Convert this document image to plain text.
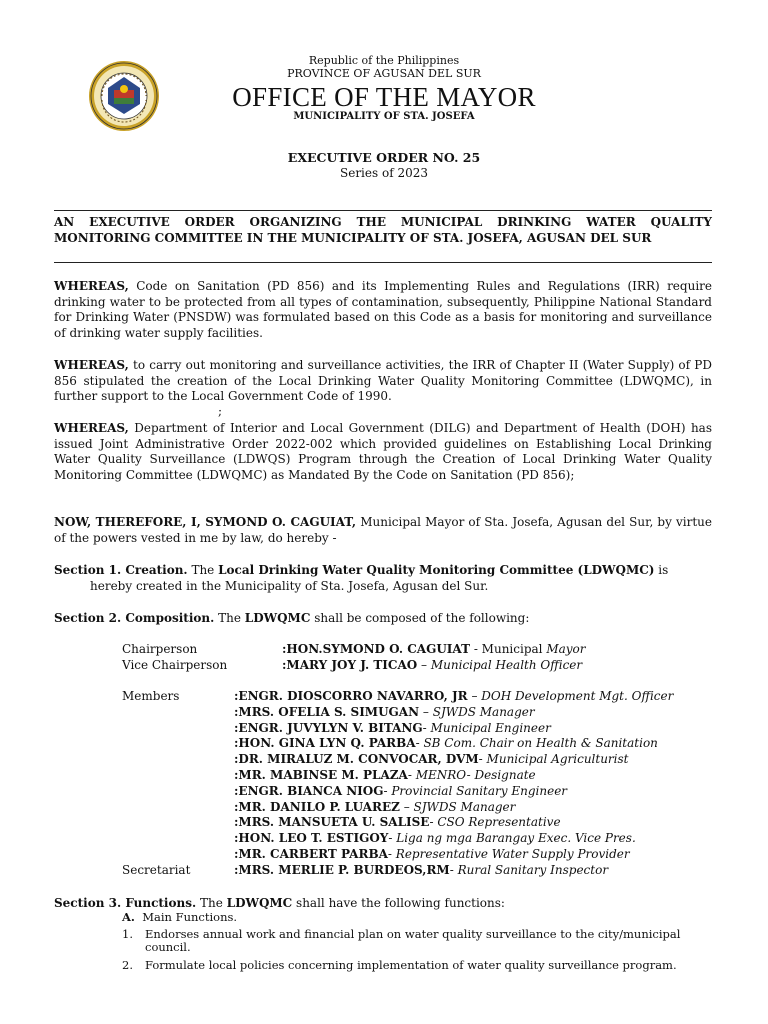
Republic of the Philippines
PROVINCE OF AGUSAN DEL SUR
OFFICE OF THE MAYOR
MUNICIPALITY OF STA. JOSEFA
EXECUTIVE ORDER NO. 25
Series of 2023
AN EXECUTIVE ORDER ORGANIZING THE MUNICIPAL DRINKING WATER QUALITY MONITORING COMMITTEE IN THE MUNICIPALITY OF STA. JOSEFA, AGUSAN DEL SUR
WHEREAS, Code on Sanitation (PD 856) and its Implementing Rules and Regulations (IRR) require drinking water to be protected from all types of contamination, subsequently, Philippine National Standard for Drinking Water (PNSDW) was formulated based on this Code as a basis for monitoring and surveillance of drinking water supply facilities.
WHEREAS, to carry out monitoring and surveillance activities, the IRR of Chapter II (Water Supply) of PD 856 stipulated the creation of the Local Drinking Water Quality Monitoring Committee (LDWQMC), in further support to the Local Government Code of 1990.
;
WHEREAS, Department of Interior and Local Government (DILG) and Department of Health (DOH) has issued Joint Administrative Order 2022-002 which provided guidelines on Establishing Local Drinking Water Quality Surveillance (LDWQS) Program through the Creation of Local Drinking Water Quality Monitoring Committee (LDWQMC) as Mandated By the Code on Sanitation (PD 856);
NOW, THEREFORE, I, SYMOND O. CAGUIAT, Municipal Mayor of Sta. Josefa, Agusan del Sur, by virtue of the powers vested in me by law, do hereby -
Section 1. Creation. The Local Drinking Water Quality Monitoring Committee (LDWQMC) is
hereby created in the Municipality of Sta. Josefa, Agusan del Sur.
Section 2. Composition. The LDWQMC shall be composed of the following:
Chairperson	:HON.SYMOND O. CAGUIAT - Municipal Mayor
Vice Chairperson	:MARY JOY J. TICAO – Municipal Health Officer
Members	:ENGR. DIOSCORRO NAVARRO, JR – DOH Development Mgt. Officer
:MRS. OFELIA S. SIMUGAN – SJWDS Manager
:ENGR. JUVYLYN V. BITANG- Municipal Engineer
:HON. GINA LYN Q. PARBA- SB Com. Chair on Health & Sanitation
:DR. MIRALUZ M. CONVOCAR, DVM- Municipal Agriculturist
:MR. MABINSE M. PLAZA- MENRO- Designate
:ENGR. BIANCA NIOG- Provincial Sanitary Engineer
:MR. DANILO P. LUAREZ – SJWDS Manager
:MRS. MANSUETA U. SALISE- CSO Representative
:HON. LEO T. ESTIGOY- Liga ng mga Barangay Exec. Vice Pres.
:MR. CARBERT PARBA- Representative Water Supply Provider
Secretariat	:MRS. MERLIE P. BURDEOS,RM- Rural Sanitary Inspector
Section 3. Functions. The LDWQMC shall have the following functions:
A. Main Functions.
1. Endorses annual work and financial plan on water quality surveillance to the city/municipal
council.
2. Formulate local policies concerning implementation of water quality surveillance program.
